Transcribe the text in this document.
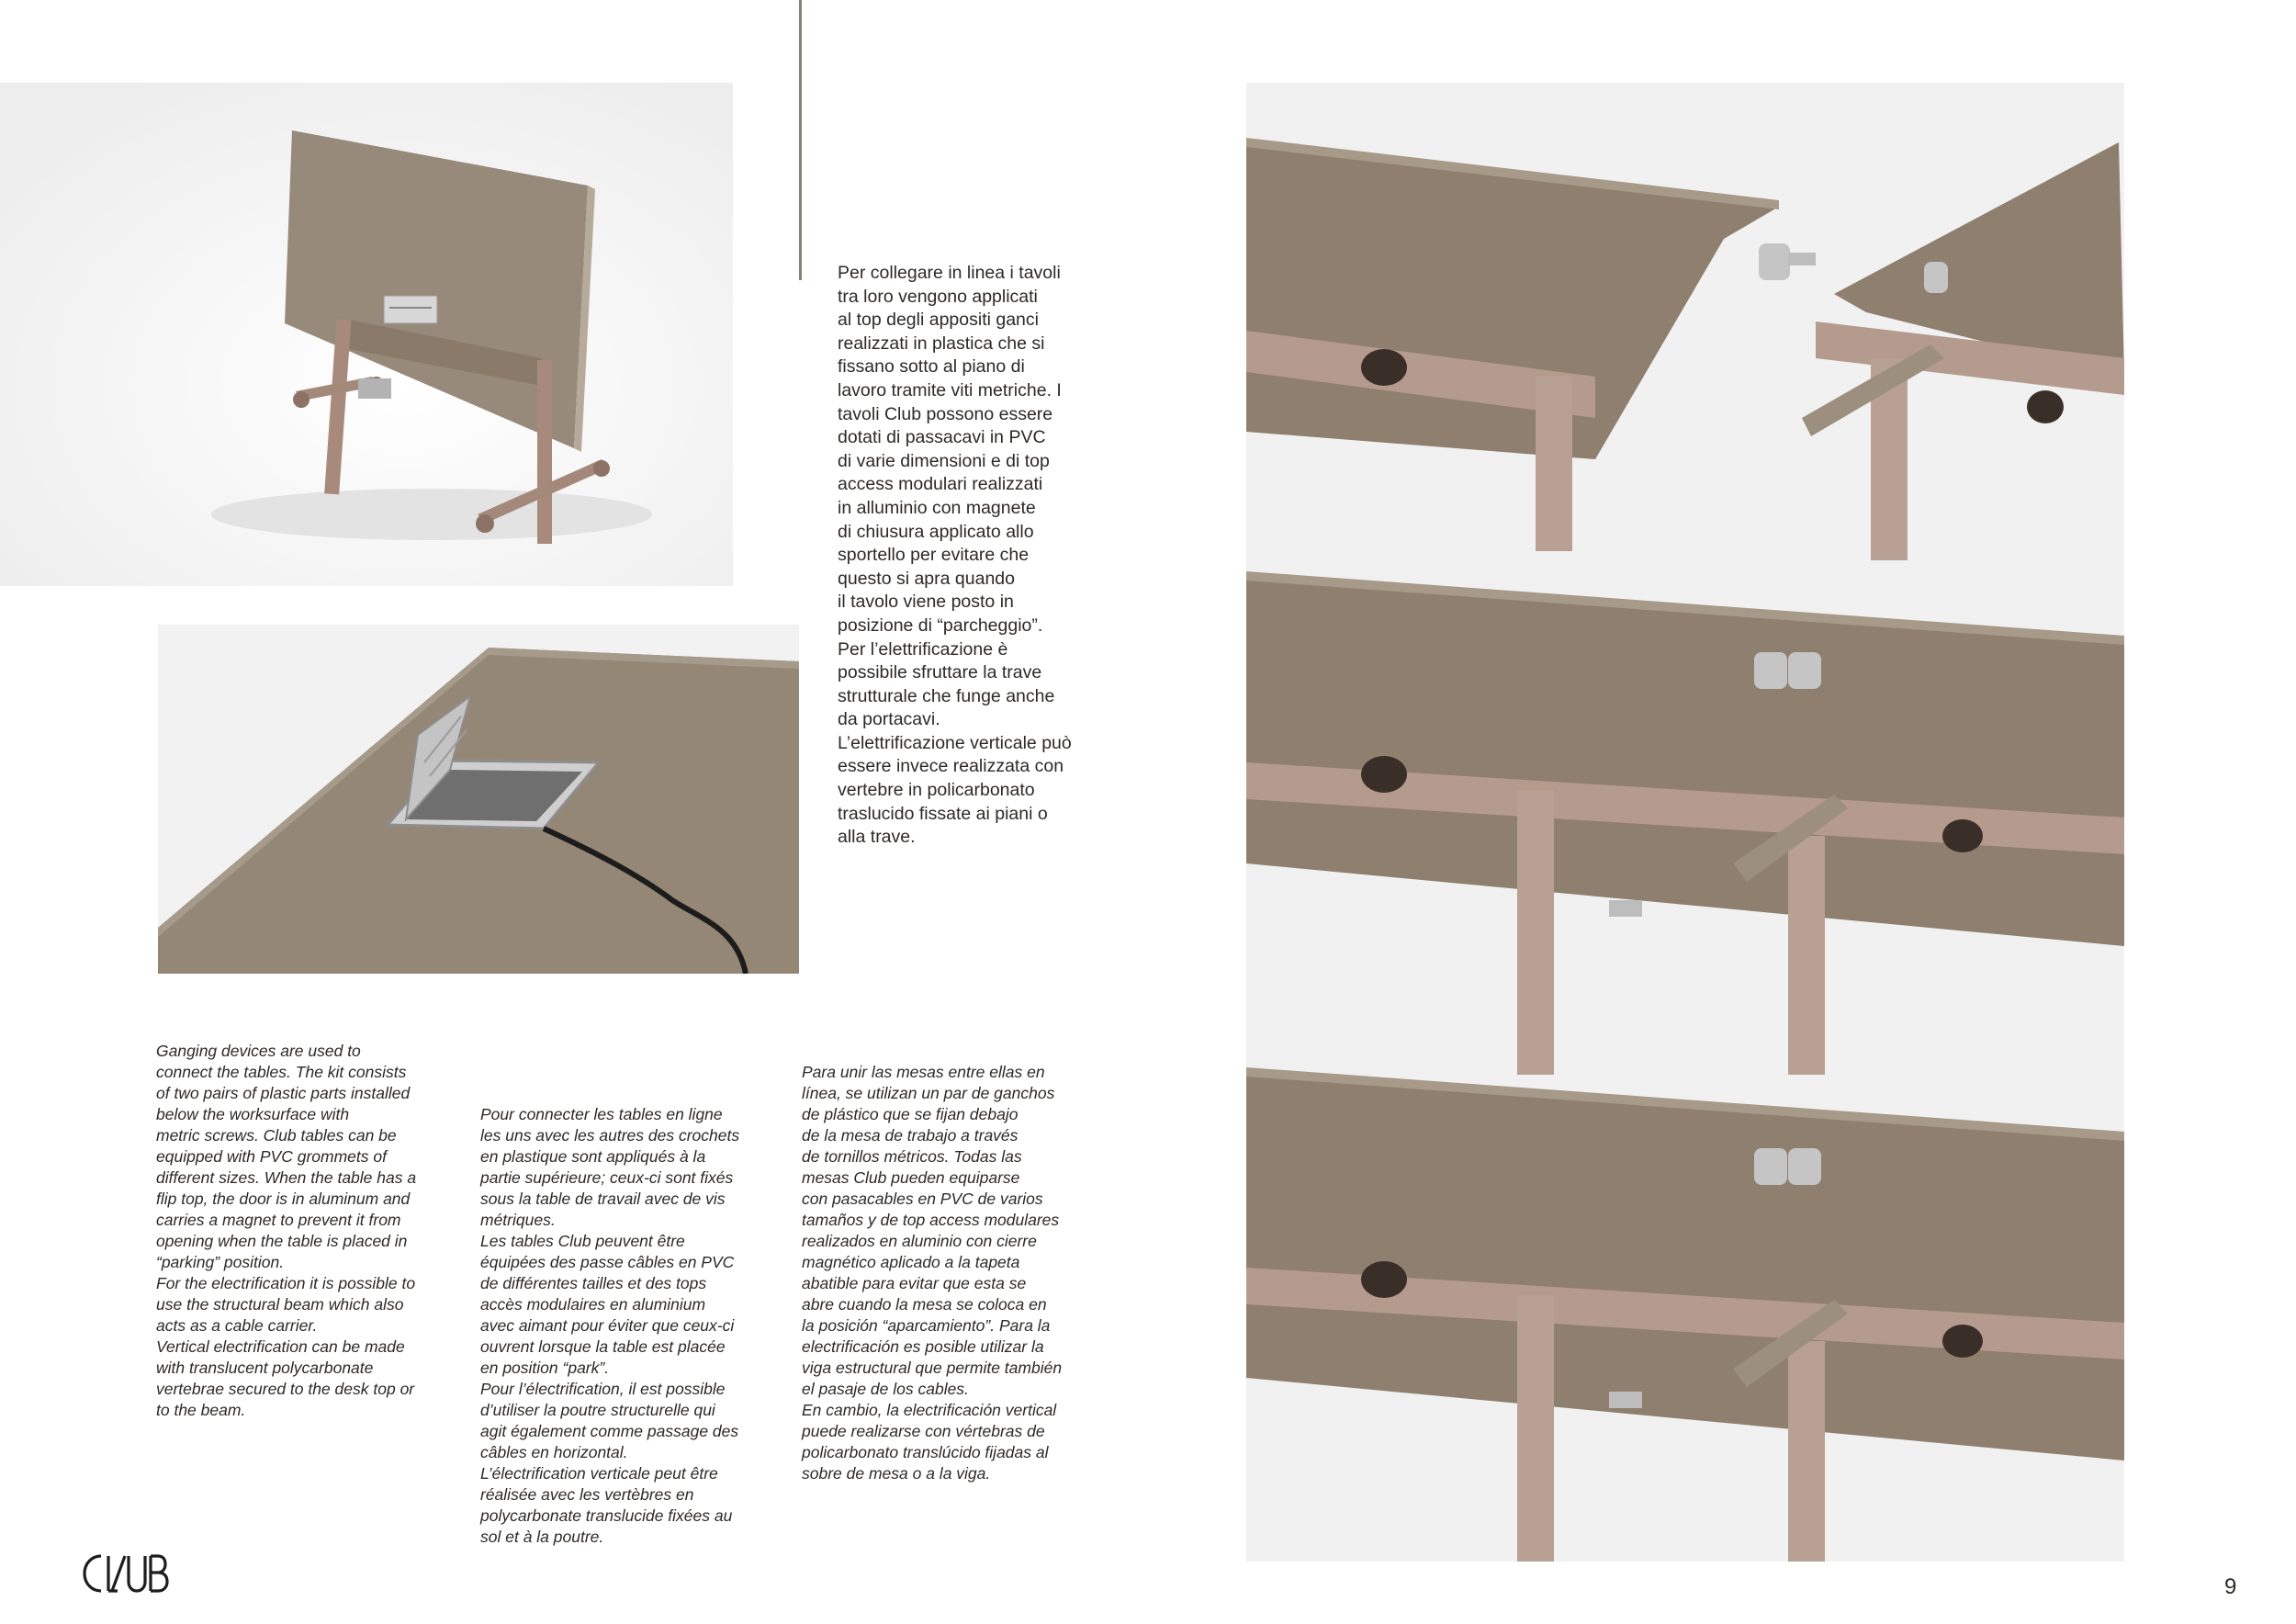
Per collegare in linea i tavoli
tra loro vengono applicati
al top degli appositi ganci
realizzati in plastica che si
fissano sotto al piano di
lavoro tramite viti metriche. I
tavoli Club possono essere
dotati di passacavi in PVC
di varie dimensioni e di top
access modulari realizzati
in alluminio con magnete
di chiusura applicato allo
sportello per evitare che
questo si apra quando
il tavolo viene posto in
posizione di “parcheggio”.
Per l’elettrificazione è
possibile sfruttare la trave
strutturale che funge anche
da portacavi.
L’elettrificazione verticale può
essere invece realizzata con
vertebre in policarbonato
traslucido fissate ai piani o
alla trave.
Ganging devices are used to
connect the tables. The kit consists
of two pairs of plastic parts installed
below the worksurface with
metric screws. Club tables can be
equipped with PVC grommets of
different sizes. When the table has a
flip top, the door is in aluminum and
carries a magnet to prevent it from
opening when the table is placed in
“parking” position.
For the electrification it is possible to
use the structural beam which also
acts as a cable carrier.
Vertical electrification can be made
with translucent polycarbonate
vertebrae secured to the desk top or
to the beam.
Pour connecter les tables en ligne
les uns avec les autres des crochets
en plastique sont appliqués à la
partie supérieure; ceux-ci sont fixés
sous la table de travail avec de vis
métriques.
Les tables Club peuvent être
équipées des passe câbles en PVC
de différentes tailles et des tops
accès modulaires en aluminium
avec aimant pour éviter que ceux-ci
ouvrent lorsque la table est placée
en position “park”.
Pour l’électrification, il est possible
d’utiliser la poutre structurelle qui
agit également comme passage des
câbles en horizontal.
L’électrification verticale peut être
réalisée avec les vertèbres en
polycarbonate translucide fixées au
sol et à la poutre.
Para unir las mesas entre ellas en
línea, se utilizan un par de ganchos
de plástico que se fijan debajo
de la mesa de trabajo a través
de tornillos métricos. Todas las
mesas Club pueden equiparse
con pasacables en PVC de varios
tamaños y de top access modulares
realizados en aluminio con cierre
magnético aplicado a la tapeta
abatible para evitar que esta se
abre cuando la mesa se coloca en
la posición “aparcamiento”. Para la
electrificación es posible utilizar la
viga estructural que permite también
el pasaje de los cables.
En cambio, la electrificación vertical
puede realizarse con vértebras de
policarbonato translúcido fijadas al
sobre de mesa o a la viga.
9
